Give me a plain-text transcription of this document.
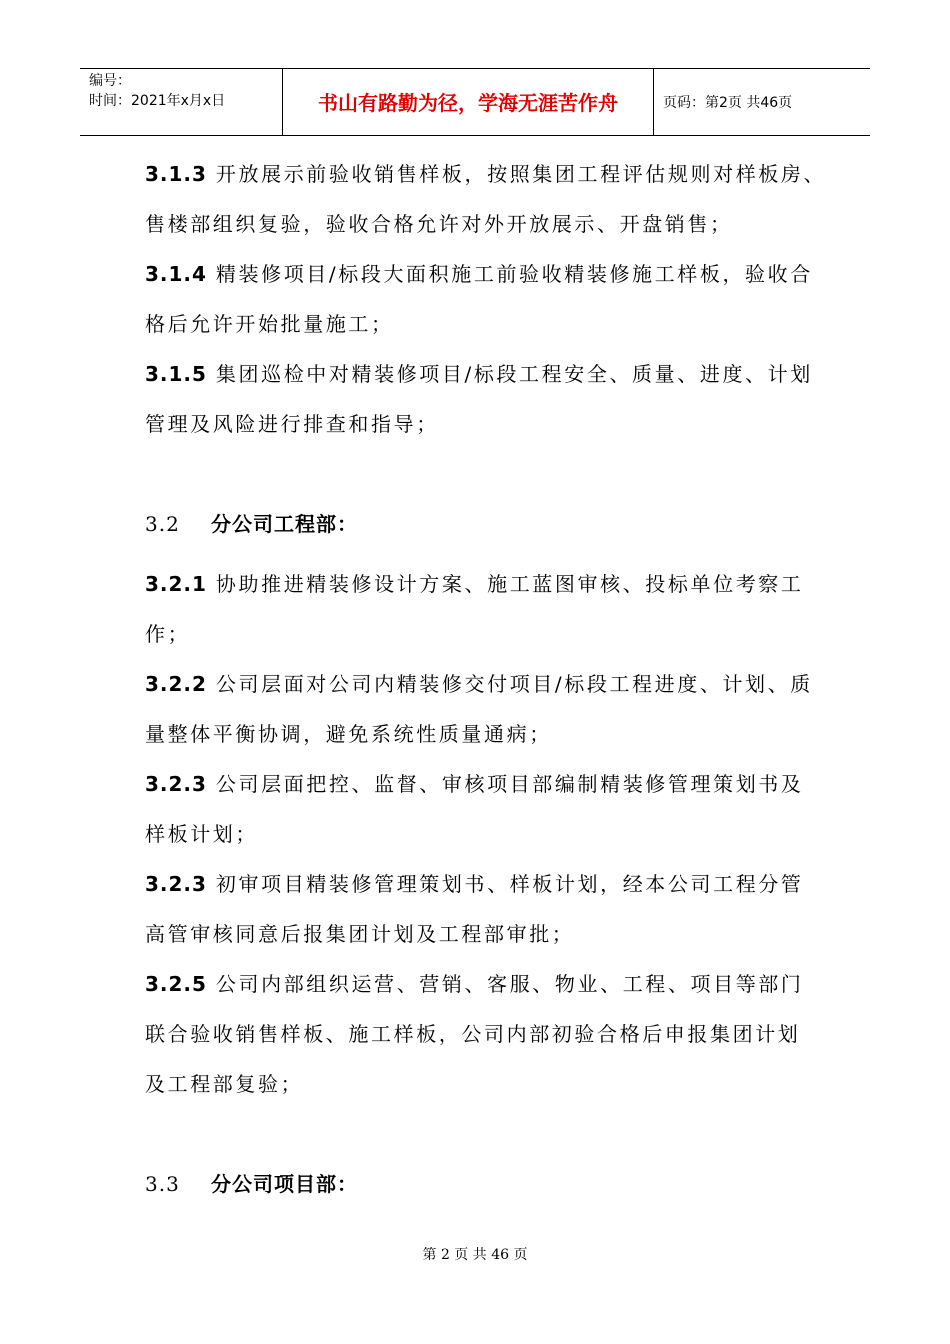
编号：
时间：2021年x月x日	书山有路勤为径，学海无涯苦作舟	页码：第2页 共46页
3.1.3 开放展示前验收销售样板，按照集团工程评估规则对样板房、
售楼部组织复验，验收合格允许对外开放展示、开盘销售；
3.1.4 精装修项目/标段大面积施工前验收精装修施工样板，验收合
格后允许开始批量施工；
3.1.5 集团巡检中对精装修项目/标段工程安全、质量、进度、计划
管理及风险进行排查和指导；
3.2 分公司工程部：
3.2.1 协助推进精装修设计方案、施工蓝图审核、投标单位考察工
作；
3.2.2 公司层面对公司内精装修交付项目/标段工程进度、计划、质
量整体平衡协调，避免系统性质量通病；
3.2.3 公司层面把控、监督、审核项目部编制精装修管理策划书及
样板计划；
3.2.3 初审项目精装修管理策划书、样板计划，经本公司工程分管
高管审核同意后报集团计划及工程部审批；
3.2.5 公司内部组织运营、营销、客服、物业、工程、项目等部门
联合验收销售样板、施工样板，公司内部初验合格后申报集团计划
及工程部复验；
3.3 分公司项目部：
第 2 页 共 46 页
